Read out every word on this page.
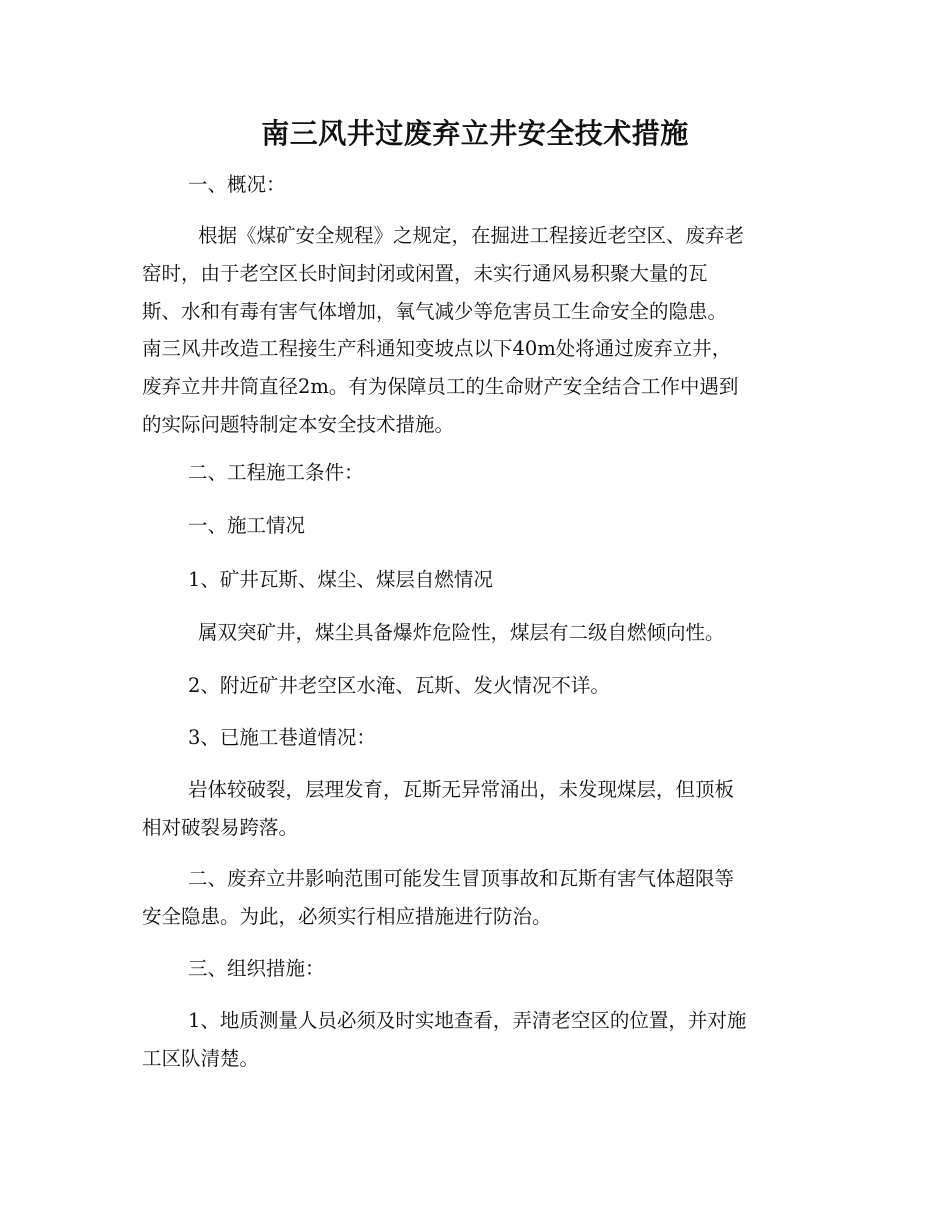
南三风井过废弃立井安全技术措施

一、概况：

根据《煤矿安全规程》之规定，在掘进工程接近老空区、废弃老
窑时，由于老空区长时间封闭或闲置，未实行通风易积聚大量的瓦
斯、水和有毒有害气体增加，氧气减少等危害员工生命安全的隐患。
南三风井改造工程接生产科通知变坡点以下40m处将通过废弃立井，
废弃立井井筒直径2m。有为保障员工的生命财产安全结合工作中遇到
的实际问题特制定本安全技术措施。

二、工程施工条件：

一、施工情况

1、矿井瓦斯、煤尘、煤层自燃情况

属双突矿井，煤尘具备爆炸危险性，煤层有二级自燃倾向性。

2、附近矿井老空区水淹、瓦斯、发火情况不详。

3、已施工巷道情况：

岩体较破裂，层理发育，瓦斯无异常涌出，未发现煤层，但顶板
相对破裂易跨落。

二、废弃立井影响范围可能发生冒顶事故和瓦斯有害气体超限等
安全隐患。为此，必须实行相应措施进行防治。

三、组织措施：

1、地质测量人员必须及时实地查看，弄清老空区的位置，并对施
工区队清楚。
